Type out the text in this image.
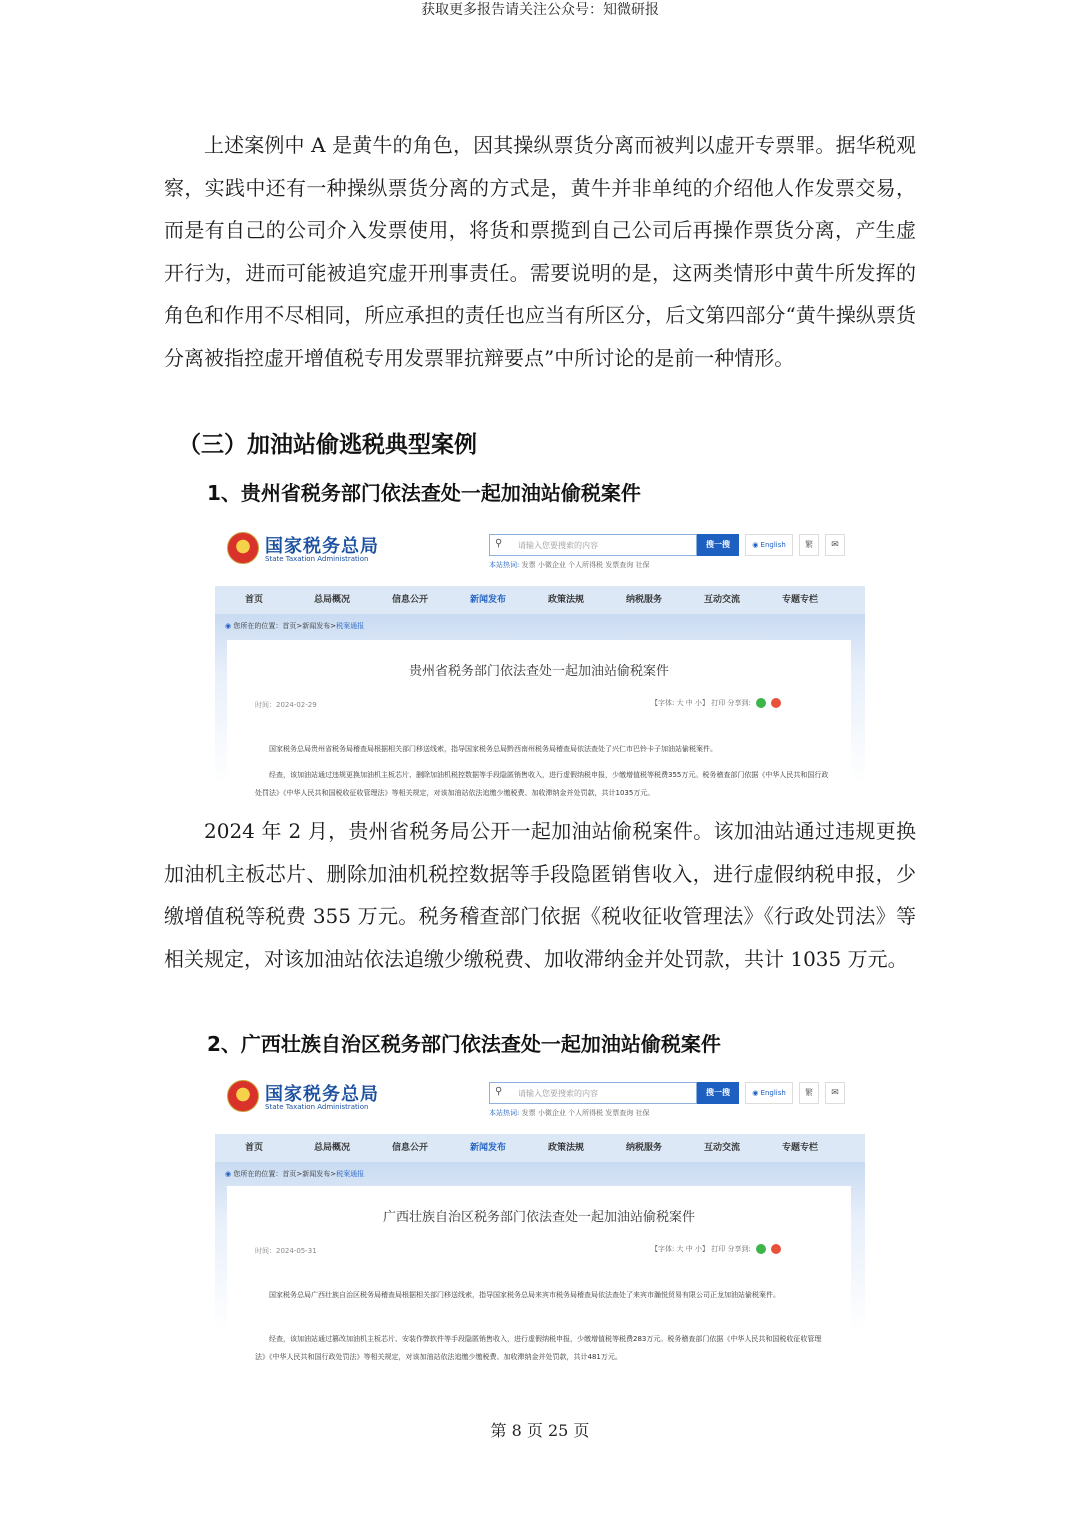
获取更多报告请关注公众号：知微研报

上述案例中 A 是黄牛的角色，因其操纵票货分离而被判以虚开专票罪。据华税观察，实践中还有一种操纵票货分离的方式是，黄牛并非单纯的介绍他人作发票交易，而是有自己的公司介入发票使用，将货和票揽到自己公司后再操作票货分离，产生虚开行为，进而可能被追究虚开刑事责任。需要说明的是，这两类情形中黄牛所发挥的角色和作用不尽相同，所应承担的责任也应当有所区分，后文第四部分“黄牛操纵票货分离被指控虚开增值税专用发票罪抗辩要点”中所讨论的是前一种情形。

（三）加油站偷逃税典型案例
1、贵州省税务部门依法查处一起加油站偷税案件
国家税务总局
State Taxation Administration
⚲ 请输入您要搜索的内容	搜一搜	◉ English	繁	✉
本站热词: 发票 小微企业 个人所得税 发票查询 社保
首页	总局概况	信息公开	新闻发布	政策法规	纳税服务	互动交流	专题专栏
◉ 您所在的位置：首页>新闻发布>税案通报
贵州省税务部门依法查处一起加油站偷税案件
时间：2024-02-29	【字体: 大 中 小】 打印 分享到:

国家税务总局贵州省税务局稽查局根据相关部门移送线索，指导国家税务总局黔西南州税务局稽查局依法查处了兴仁市巴铃卡子加油站偷税案件。

经查，该加油站通过违规更换加油机主板芯片、删除加油机税控数据等手段隐匿销售收入，进行虚假纳税申报，少缴增值税等税费355万元。税务稽查部门依据《中华人民共和国行政处罚法》《中华人民共和国税收征收管理法》等相关规定，对该加油站依法追缴少缴税费、加收滞纳金并处罚款，共计1035万元。

2024 年 2 月，贵州省税务局公开一起加油站偷税案件。该加油站通过违规更换加油机主板芯片、删除加油机税控数据等手段隐匿销售收入，进行虚假纳税申报，少缴增值税等税费 355 万元。税务稽查部门依据《税收征收管理法》《行政处罚法》等相关规定，对该加油站依法追缴少缴税费、加收滞纳金并处罚款，共计 1035 万元。

2、广西壮族自治区税务部门依法查处一起加油站偷税案件
国家税务总局
State Taxation Administration
⚲ 请输入您要搜索的内容	搜一搜	◉ English	繁	✉
本站热词: 发票 小微企业 个人所得税 发票查询 社保
首页	总局概况	信息公开	新闻发布	政策法规	纳税服务	互动交流	专题专栏
◉ 您所在的位置：首页>新闻发布>税案通报
广西壮族自治区税务部门依法查处一起加油站偷税案件
时间：2024-05-31	【字体: 大 中 小】 打印 分享到:

国家税务总局广西壮族自治区税务局稽查局根据相关部门移送线索，指导国家税务总局来宾市税务局稽查局依法查处了来宾市瀚悦贸易有限公司正龙加油站偷税案件。

经查，该加油站通过篡改加油机主板芯片、安装作弊软件等手段隐匿销售收入，进行虚假纳税申报，少缴增值税等税费283万元。税务稽查部门依据《中华人民共和国税收征收管理法》《中华人民共和国行政处罚法》等相关规定，对该加油站依法追缴少缴税费、加收滞纳金并处罚款，共计481万元。

第 8 页 25 页
